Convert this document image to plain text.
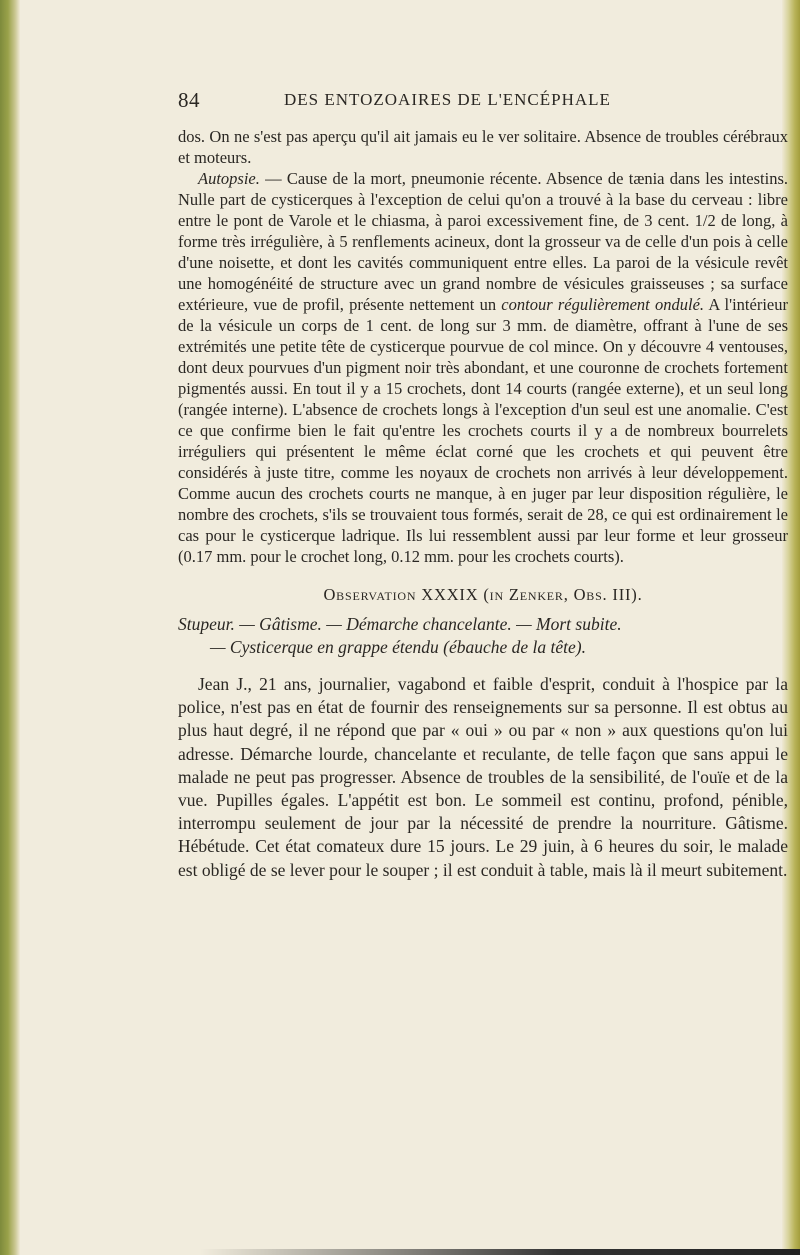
84	DES ENTOZOAIRES DE L'ENCÉPHALE

dos. On ne s'est pas aperçu qu'il ait jamais eu le ver solitaire. Absence de troubles cérébraux et moteurs.

Autopsie. — Cause de la mort, pneumonie récente. Absence de tænia dans les intestins. Nulle part de cysticerques à l'exception de celui qu'on a trouvé à la base du cerveau : libre entre le pont de Varole et le chiasma, à paroi excessivement fine, de 3 cent. 1/2 de long, à forme très irrégulière, à 5 renflements acineux, dont la grosseur va de celle d'un pois à celle d'une noisette, et dont les cavités communiquent entre elles. La paroi de la vésicule revêt une homogénéité de structure avec un grand nombre de vésicules graisseuses ; sa surface extérieure, vue de profil, présente nettement un contour régulièrement ondulé. A l'intérieur de la vésicule un corps de 1 cent. de long sur 3 mm. de diamètre, offrant à l'une de ses extrémités une petite tête de cysticerque pourvue de col mince. On y découvre 4 ventouses, dont deux pourvues d'un pigment noir très abondant, et une couronne de crochets fortement pigmentés aussi. En tout il y a 15 crochets, dont 14 courts (rangée externe), et un seul long (rangée interne). L'absence de crochets longs à l'exception d'un seul est une anomalie. C'est ce que confirme bien le fait qu'entre les crochets courts il y a de nombreux bourrelets irréguliers qui présentent le même éclat corné que les crochets et qui peuvent être considérés à juste titre, comme les noyaux de crochets non arrivés à leur développement. Comme aucun des crochets courts ne manque, à en juger par leur disposition régulière, le nombre des crochets, s'ils se trouvaient tous formés, serait de 28, ce qui est ordinairement le cas pour le cysticerque ladrique. Ils lui ressemblent aussi par leur forme et leur grosseur (0.17 mm. pour le crochet long, 0.12 mm. pour les crochets courts).

Observation XXXIX (in Zenker, Obs. III).
Stupeur. — Gâtisme. — Démarche chancelante. — Mort subite.
— Cysticerque en grappe étendu (ébauche de la tête).

Jean J., 21 ans, journalier, vagabond et faible d'esprit, conduit à l'hospice par la police, n'est pas en état de fournir des renseignements sur sa personne. Il est obtus au plus haut degré, il ne répond que par « oui » ou par « non » aux questions qu'on lui adresse. Démarche lourde, chancelante et reculante, de telle façon que sans appui le malade ne peut pas progresser. Absence de troubles de la sensibilité, de l'ouïe et de la vue. Pupilles égales. L'appétit est bon. Le sommeil est continu, profond, pénible, interrompu seulement de jour par la nécessité de prendre la nourriture. Gâtisme. Hébétude. Cet état comateux dure 15 jours. Le 29 juin, à 6 heures du soir, le malade est obligé de se lever pour le souper ; il est conduit à table, mais là il meurt subitement.
